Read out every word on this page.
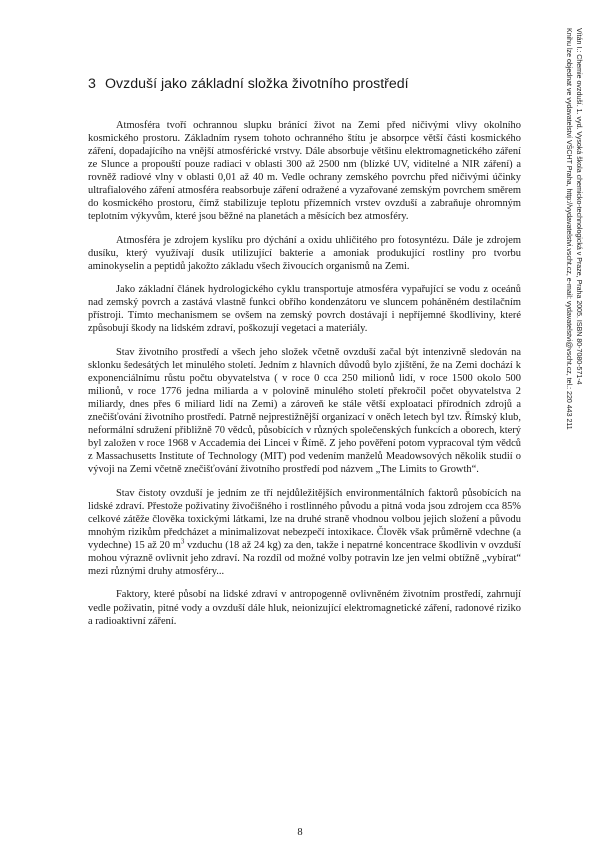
3 Ovzduší jako základní složka životního prostředí

Atmosféra tvoří ochrannou slupku bránící život na Zemi před ničivými vlivy okolního kosmického prostoru. Základním rysem tohoto ochranného štítu je absorpce větší části kosmického záření, dopadajícího na vnější atmosférické vrstvy. Dále absorbuje většinu elektromagnetického záření ze Slunce a propouští pouze radiaci v oblasti 300 až 2500 nm (blízké UV, viditelné a NIR záření) a rovněž radiové vlny v oblasti 0,01 až 40 m. Vedle ochrany zemského povrchu před ničivými účinky ultrafialového záření atmosféra reabsorbuje záření odražené a vyzařované zemským povrchem směrem do kosmického prostoru, čímž stabilizuje teplotu přízemních vrstev ovzduší a zabraňuje ohromným teplotním výkyvům, které jsou běžné na planetách a měsících bez atmosféry.

Atmosféra je zdrojem kyslíku pro dýchání a oxidu uhličitého pro fotosyntézu. Dále je zdrojem dusíku, který využívají dusík utilizující bakterie a amoniak produkující rostliny pro tvorbu aminokyselin a peptidů jakožto základu všech živoucích organismů na Zemi.

Jako základní článek hydrologického cyklu transportuje atmosféra vypařující se vodu z oceánů nad zemský povrch a zastává vlastně funkci obřího kondenzátoru ve sluncem poháněném destilačním přístroji. Tímto mechanismem se ovšem na zemský povrch dostávají i nepříjemné škodliviny, které způsobují škody na lidském zdraví, poškozují vegetaci a materiály.

Stav životního prostředí a všech jeho složek včetně ovzduší začal být intenzivně sledován na sklonku šedesátých let minulého století. Jedním z hlavních důvodů bylo zjištění, že na Zemi dochází k exponenciálnímu růstu počtu obyvatelstva ( v roce 0 cca 250 milionů lidí, v roce 1500 okolo 500 milionů, v roce 1776 jedna miliarda a v polovině minulého století překročil počet obyvatelstva 2 miliardy, dnes přes 6 miliard lidí na Zemi) a zároveň ke stále větší exploataci přírodních zdrojů a znečišťování životního prostředí. Patrně nejprestižnější organizací v oněch letech byl tzv. Římský klub, neformální sdružení přibližně 70 vědců, působících v různých společenských funkcích a oborech, který byl založen v roce 1968 v Accademia dei Lincei v Římě. Z jeho pověření potom vypracoval tým vědců z Massachusetts Institute of Technology (MIT) pod vedením manželů Meadowsových několik studií o vývoji na Zemi včetně znečišťování životního prostředí pod názvem „The Limits to Growth“.

Stav čistoty ovzduší je jedním ze tří nejdůležitějších environmentálních faktorů působících na lidské zdraví. Přestože poživatiny živočišného i rostlinného původu a pitná voda jsou zdrojem cca 85% celkové zátěže člověka toxickými látkami, lze na druhé straně vhodnou volbou jejich složení a původu mnohým rizikům předcházet a minimalizovat nebezpečí intoxikace. Člověk však průměrně vdechne (a vydechne) 15 až 20 $m^3$ vzduchu (18 až 24 kg) za den, takže i nepatrné koncentrace škodlivin v ovzduší mohou výrazně ovlivnit jeho zdraví. Na rozdíl od možné volby potravin lze jen velmi obtížně „vybírat“ mezi různými druhy atmosféry...

Faktory, které působí na lidské zdraví v antropogenně ovlivněném životním prostředí, zahrnují vedle poživatin, pitné vody a ovzduší dále hluk, neionizující elektromagnetické záření, radonové riziko a radioaktivní záření.

8
Vítán I.: Chemie ovzduší. 1. vyd. Vysoká škola chemicko-technologická v Praze, Praha 2005. ISBN 80-7080-571-4
Knihu lze objednat ve vydavatelství VŠCHT Praha, http://vydavatelstvi.vscht.cz, e-mail: vydavatelstvi@vscht.cz, tel.: 220 443 211
